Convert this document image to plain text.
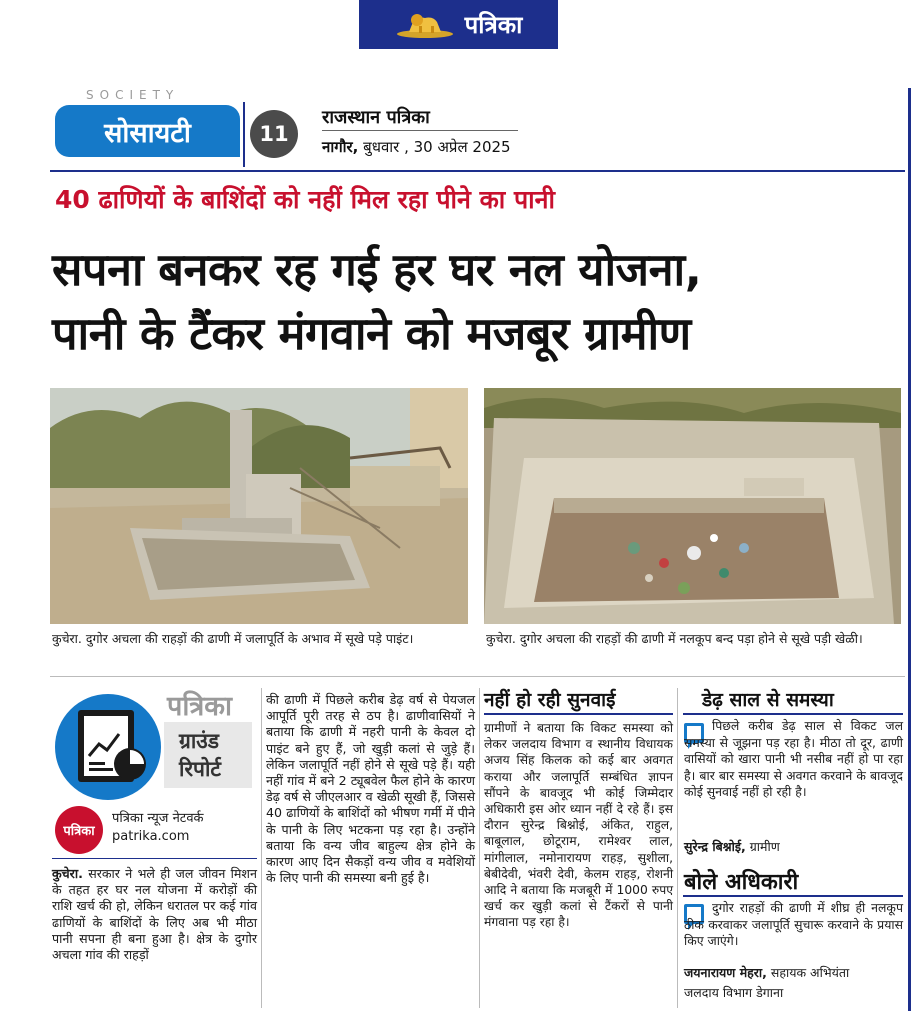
पत्रिका
SOCIETY
सोसायटी	11
राजस्थान पत्रिका
नागौर, बुधवार , 30 अप्रेल 2025
40 ढाणियों के बाशिंदों को नहीं मिल रहा पीने का पानी
सपना बनकर रह गई हर घर नल योजना,
पानी के टैंकर मंगवाने को मजबूर ग्रामीण
कुचेरा. दुगोर अचला की राहड़ों की ढाणी में जलापूर्ति के अभाव में सूखे पड़े पाइंट।	कुचेरा. दुगोर अचला की राहड़ों की ढाणी में नलकूप बन्द पड़ा होने से सूखे पड़ी खेळी।
पत्रिका
ग्राउंड
रिपोर्ट
पत्रिका
पत्रिका न्यूज नेटवर्क
patrika.com
कुचेरा. सरकार ने भले ही जल जीवन मिशन के तहत हर घर नल योजना में करोड़ों की राशि खर्च की हो, लेकिन धरातल पर कई गांव ढाणियों के बाशिंदों के लिए अब भी मीठा पानी सपना ही बना हुआ है। क्षेत्र के दुगोर अचला गांव की राहड़ों
की ढाणी में पिछले करीब डेढ़ वर्ष से पेयजल आपूर्ति पूरी तरह से ठप है। ढाणीवासियों ने बताया कि ढाणी में नहरी पानी के केवल दो पाइंट बने हुए हैं, जो खुड़ी कलां से जुड़े हैं। लेकिन जलापूर्ति नहीं होने से सूखे पड़े हैं। यही नहीं गांव में बने 2 ट्यूबवेल फैल होने के कारण डेढ़ वर्ष से जीएलआर व खेळी सूखी हैं, जिससे 40 ढाणियों के बाशिंदों को भीषण गर्मी में पीने के पानी के लिए भटकना पड़ रहा है। उन्होंने बताया कि वन्य जीव बाहुल्य क्षेत्र होने के कारण आए दिन सैकड़ों वन्य जीव व मवेशियों के लिए पानी की समस्या बनी हुई है।
नहीं हो रही सुनवाई
ग्रामीणों ने बताया कि विकट समस्या को लेकर जलदाय विभाग व स्थानीय विधायक अजय सिंह किलक को कई बार अवगत कराया और जलापूर्ति सम्बंधित ज्ञापन सौंपने के बावजूद भी कोई जिम्मेदार अधिकारी इस ओर ध्यान नहीं दे रहे हैं। इस दौरान सुरेन्द्र बिश्नोई, अंकित, राहुल, बाबूलाल, छोटूराम, रामेश्वर लाल, मांगीलाल, नमोनारायण राहड़, सुशीला, बेबीदेवी, भंवरी देवी, केलम राहड़, रोशनी आदि ने बताया कि मजबूरी में 1000 रुपए खर्च कर खुड़ी कलां से टैंकरों से पानी मंगवाना पड़ रहा है।
डेढ़ साल से समस्या
पिछले करीब डेढ़ साल से विकट जल समस्या से जूझना पड़ रहा है। मीठा तो दूर, ढाणी वासियों को खारा पानी भी नसीब नहीं हो पा रहा है। बार बार समस्या से अवगत करवाने के बावजूद कोई सुनवाई नहीं हो रही है।
सुरेन्द्र बिश्नोई, ग्रामीण
बोले अधिकारी
दुगोर राहड़ों की ढाणी में शीघ्र ही नलकूप ठीक करवाकर जलापूर्ति सुचारू करवाने के प्रयास किए जाएंगे।
जयनारायण मेहरा, सहायक अभियंता
जलदाय विभाग डेगाना
